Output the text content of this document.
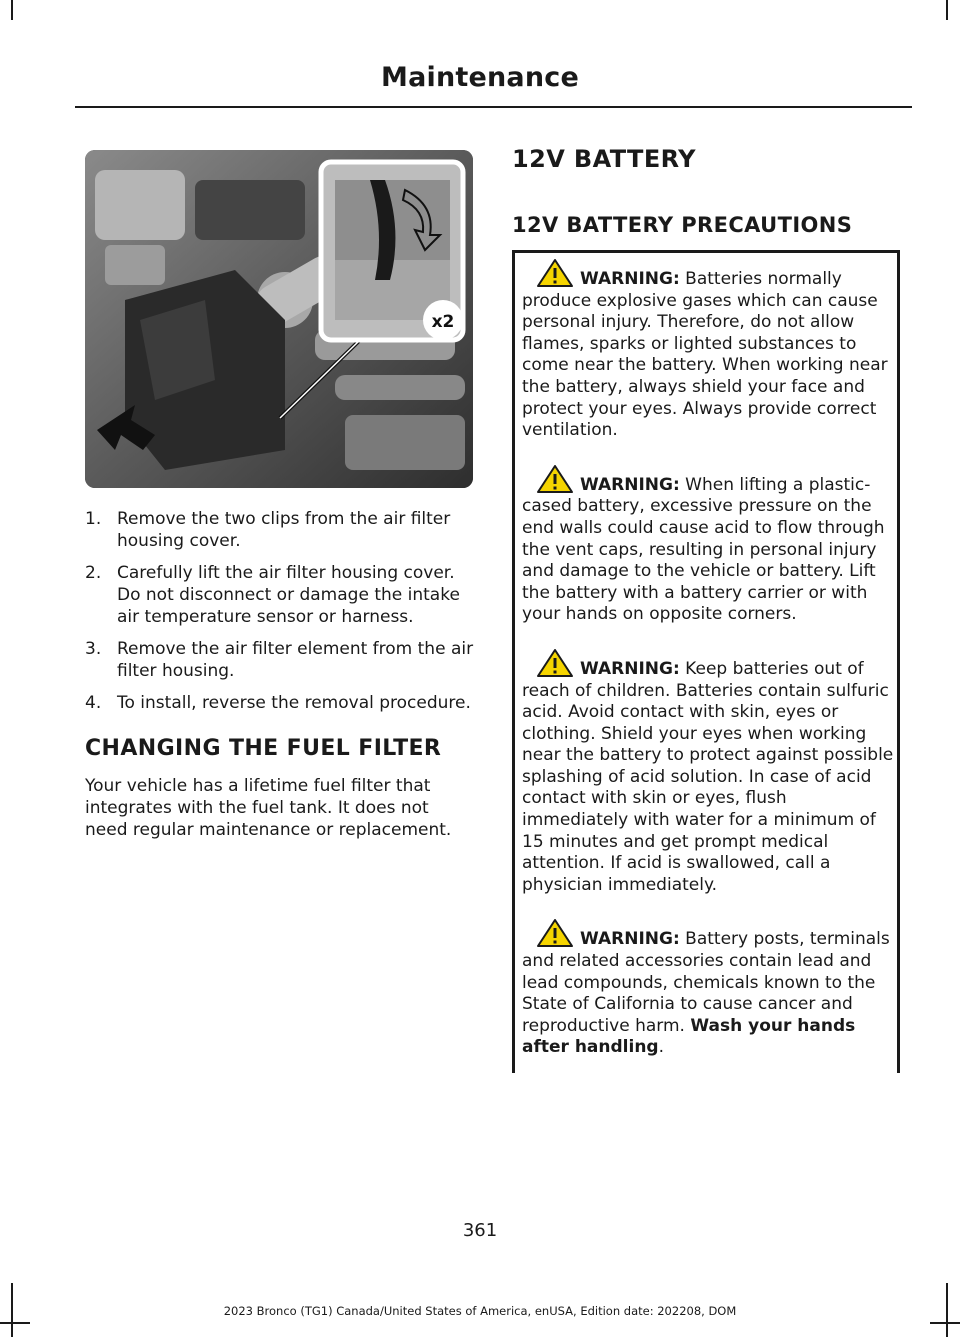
Maintenance
x2
1. Remove the two clips from the air filter housing cover.
2. Carefully lift the air filter housing cover. Do not disconnect or damage the intake air temperature sensor or harness.
3. Remove the air filter element from the air filter housing.
4. To install, reverse the removal procedure.
CHANGING THE FUEL FILTER

Your vehicle has a lifetime fuel filter that integrates with the fuel tank. It does not need regular maintenance or replacement.

12V BATTERY
12V BATTERY PRECAUTIONS

WARNING: Batteries normally produce explosive gases which can cause personal injury. Therefore, do not allow flames, sparks or lighted substances to come near the battery. When working near the battery, always shield your face and protect your eyes. Always provide correct ventilation.

WARNING: When lifting a plastic-cased battery, excessive pressure on the end walls could cause acid to flow through the vent caps, resulting in personal injury and damage to the vehicle or battery. Lift the battery with a battery carrier or with your hands on opposite corners.

WARNING: Keep batteries out of reach of children. Batteries contain sulfuric acid. Avoid contact with skin, eyes or clothing. Shield your eyes when working near the battery to protect against possible splashing of acid solution. In case of acid contact with skin or eyes, flush immediately with water for a minimum of 15 minutes and get prompt medical attention. If acid is swallowed, call a physician immediately.

WARNING: Battery posts, terminals and related accessories contain lead and lead compounds, chemicals known to the State of California to cause cancer and reproductive harm. Wash your hands after handling.

361
2023 Bronco (TG1) Canada/United States of America, enUSA, Edition date: 202208, DOM
